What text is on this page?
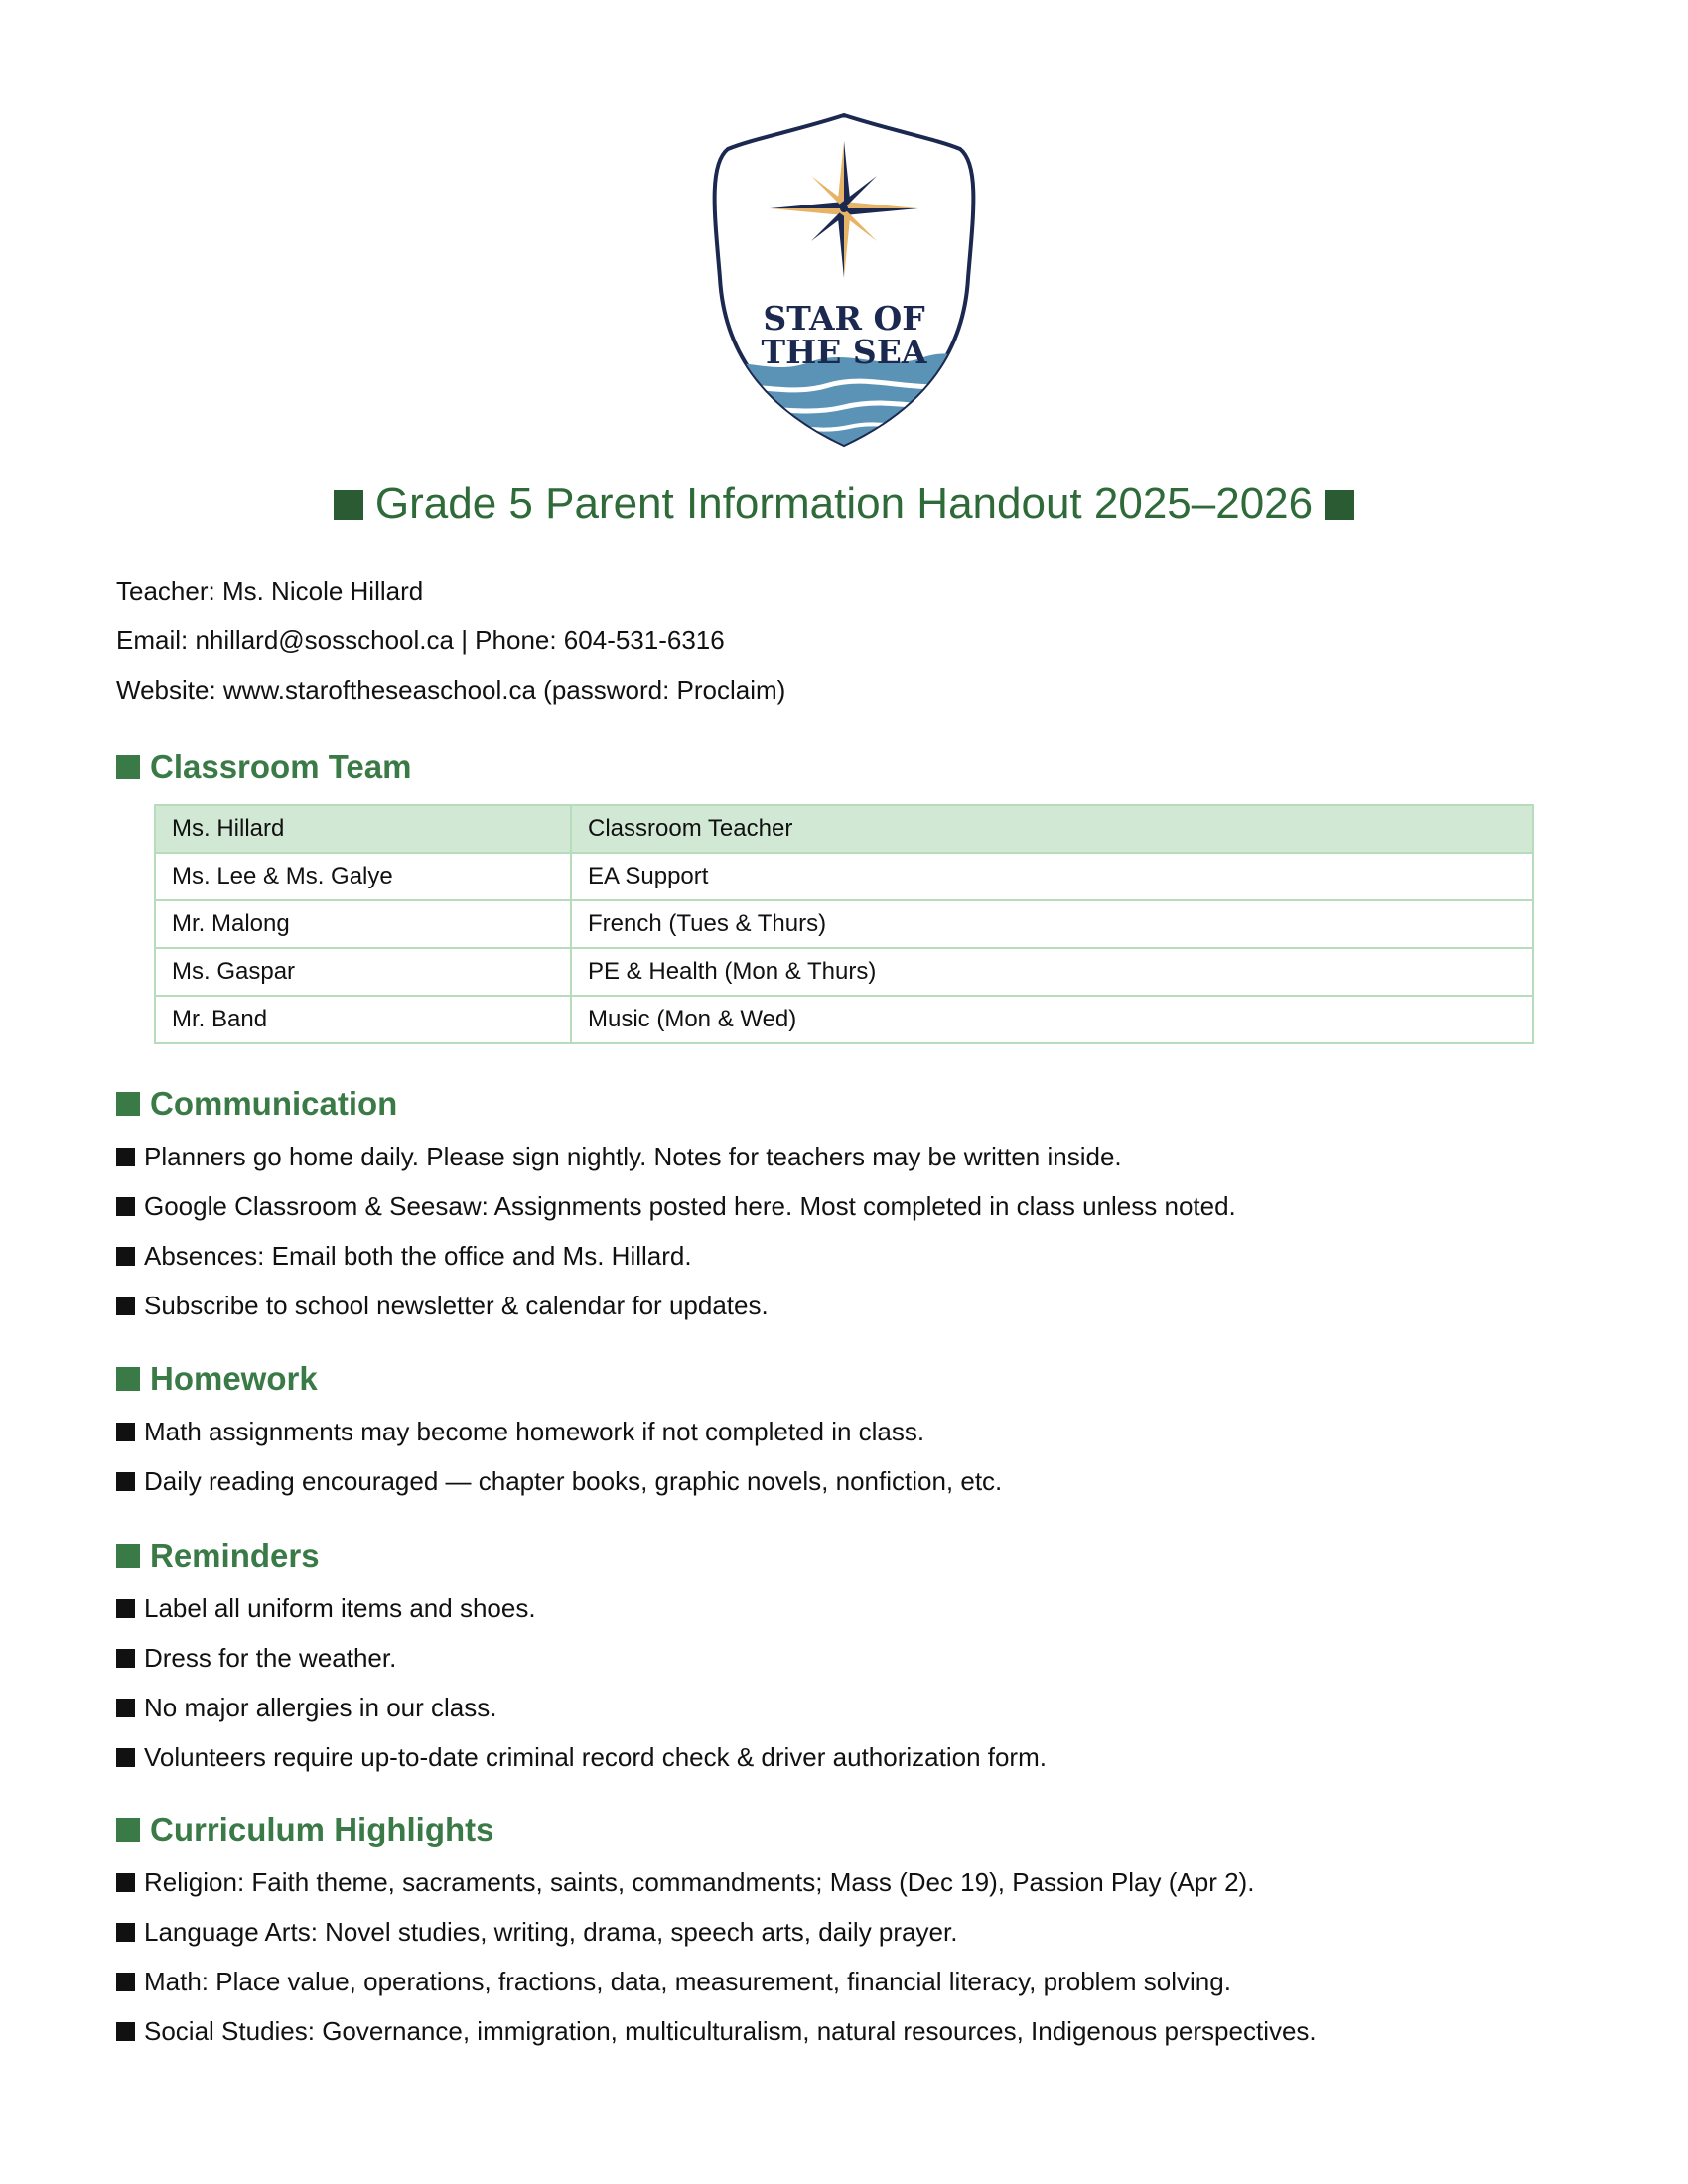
STAR OF
THE SEA
Grade 5 Parent Information Handout 2025–2026
Teacher: Ms. Nicole Hillard
Email: nhillard@sosschool.ca | Phone: 604-531-6316
Website: www.staroftheseaschool.ca (password: Proclaim)
Classroom Team
Ms. Hillard	Classroom Teacher
Ms. Lee & Ms. Galye	EA Support
Mr. Malong	French (Tues & Thurs)
Ms. Gaspar	PE & Health (Mon & Thurs)
Mr. Band	Music (Mon & Wed)
Communication
Planners go home daily. Please sign nightly. Notes for teachers may be written inside.
Google Classroom & Seesaw: Assignments posted here. Most completed in class unless noted.
Absences: Email both the office and Ms. Hillard.
Subscribe to school newsletter & calendar for updates.
Homework
Math assignments may become homework if not completed in class.
Daily reading encouraged — chapter books, graphic novels, nonfiction, etc.
Reminders
Label all uniform items and shoes.
Dress for the weather.
No major allergies in our class.
Volunteers require up-to-date criminal record check & driver authorization form.
Curriculum Highlights
Religion: Faith theme, sacraments, saints, commandments; Mass (Dec 19), Passion Play (Apr 2).
Language Arts: Novel studies, writing, drama, speech arts, daily prayer.
Math: Place value, operations, fractions, data, measurement, financial literacy, problem solving.
Social Studies: Governance, immigration, multiculturalism, natural resources, Indigenous perspectives.
